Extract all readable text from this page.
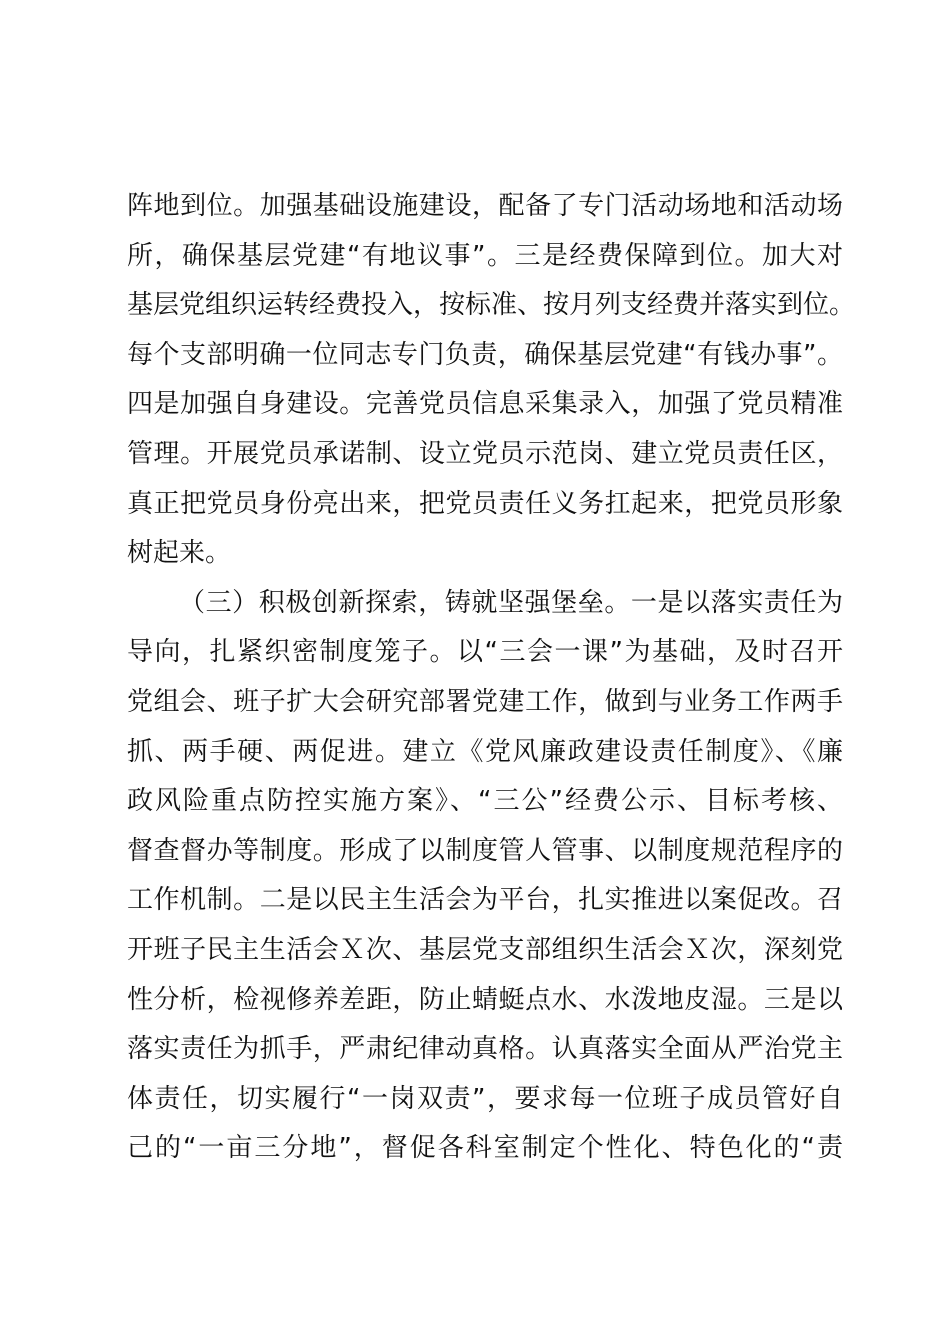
阵地到位。加强基础设施建设，配备了专门活动场地和活动场
所，确保基层党建“有地议事”。三是经费保障到位。加大对
基层党组织运转经费投入，按标准、按月列支经费并落实到位。
每个支部明确一位同志专门负责，确保基层党建“有钱办事”。
四是加强自身建设。完善党员信息采集录入，加强了党员精准
管理。开展党员承诺制、设立党员示范岗、建立党员责任区，
真正把党员身份亮出来，把党员责任义务扛起来，把党员形象
树起来。
（三）积极创新探索，铸就坚强堡垒。一是以落实责任为
导向，扎紧织密制度笼子。以“三会一课”为基础，及时召开
党组会、班子扩大会研究部署党建工作，做到与业务工作两手
抓、两手硬、两促进。建立《党风廉政建设责任制度》、《廉
政风险重点防控实施方案》、“三公”经费公示、目标考核、
督查督办等制度。形成了以制度管人管事、以制度规范程序的
工作机制。二是以民主生活会为平台，扎实推进以案促改。召
开班子民主生活会Ｘ次、基层党支部组织生活会Ｘ次，深刻党
性分析，检视修养差距，防止蜻蜓点水、水泼地皮湿。三是以
落实责任为抓手，严肃纪律动真格。认真落实全面从严治党主
体责任，切实履行“一岗双责”，要求每一位班子成员管好自
己的“一亩三分地”，督促各科室制定个性化、特色化的“责
